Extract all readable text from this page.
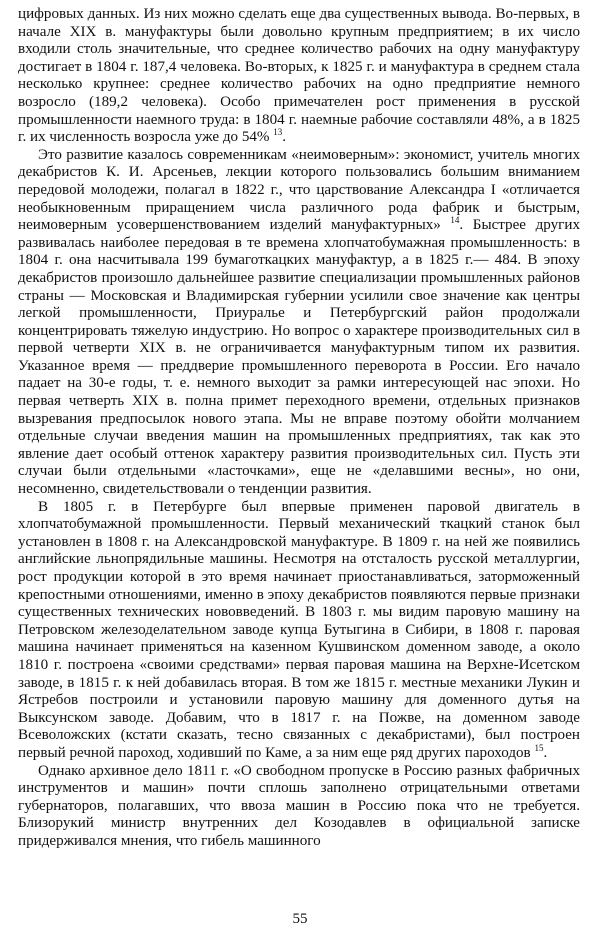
цифровых данных. Из них можно сделать еще два существенных вывода. Во-первых, в начале XIX в. мануфактуры были довольно крупным предприятием; в их число входили столь значительные, что среднее количество рабочих на одну мануфактуру достигает в 1804 г. 187,4 человека. Во-вторых, к 1825 г. и мануфактура в среднем стала несколько крупнее: среднее количество рабочих на одно предприятие немного возросло (189,2 человека). Особо примечателен рост применения в русской промышленности наемного труда: в 1804 г. наемные рабочие составляли 48%, а в 1825 г. их численность возросла уже до 54% $^{13}$.

Это развитие казалось современникам «неимоверным»: экономист, учитель многих декабристов К. И. Арсеньев, лекции которого пользовались большим вниманием передовой молодежи, полагал в 1822 г., что царствование Александра I «отличается необыкновенным приращением числа различного рода фабрик и быстрым, неимоверным усовершенствованием изделий мануфактурных» $^{14}$. Быстрее других развивалась наиболее передовая в те времена хлопчатобумажная промышленность: в 1804 г. она насчитывала 199 бумаготкацких мануфактур, а в 1825 г.— 484. В эпоху декабристов произошло дальнейшее развитие специализации промышленных районов страны — Московская и Владимирская губернии усилили свое значение как центры легкой промышленности, Приуралье и Петербургский район продолжали концентрировать тяжелую индустрию. Но вопрос о характере производительных сил в первой четверти XIX в. не ограничивается мануфактурным типом их развития. Указанное время — преддверие промышленного переворота в России. Его начало падает на 30-е годы, т. е. немного выходит за рамки интересующей нас эпохи. Но первая четверть XIX в. полна примет переходного времени, отдельных признаков вызревания предпосылок нового этапа. Мы не вправе поэтому обойти молчанием отдельные случаи введения машин на промышленных предприятиях, так как это явление дает особый оттенок характеру развития производительных сил. Пусть эти случаи были отдельными «ласточками», еще не «делавшими весны», но они, несомненно, свидетельствовали о тенденции развития.

В 1805 г. в Петербурге был впервые применен паровой двигатель в хлопчатобумажной промышленности. Первый механический ткацкий станок был установлен в 1808 г. на Александровской мануфактуре. В 1809 г. на ней же появились английские льнопрядильные машины. Несмотря на отсталость русской металлургии, рост продукции которой в это время начинает приостанавливаться, заторможенный крепостными отношениями, именно в эпоху декабристов появляются первые признаки существенных технических нововведений. В 1803 г. мы видим паровую машину на Петровском железоделательном заводе купца Бутыгина в Сибири, в 1808 г. паровая машина начинает применяться на казенном Кушвинском доменном заводе, а около 1810 г. построена «своими средствами» первая паровая машина на Верхне-Исетском заводе, в 1815 г. к ней добавилась вторая. В том же 1815 г. местные механики Лукин и Ястребов построили и установили паровую машину для доменного дутья на Выксунском заводе. Добавим, что в 1817 г. на Пожве, на доменном заводе Всеволожских (кстати сказать, тесно связанных с декабристами), был построен первый речной пароход, ходивший по Каме, а за ним еще ряд других пароходов $^{15}$.

Однако архивное дело 1811 г. «О свободном пропуске в Россию разных фабричных инструментов и машин» почти сплошь заполнено отрицательными ответами губернаторов, полагавших, что ввоза машин в Россию пока что не требуется. Близорукий министр внутренних дел Козодавлев в официальной записке придерживался мнения, что гибель машинного

55
